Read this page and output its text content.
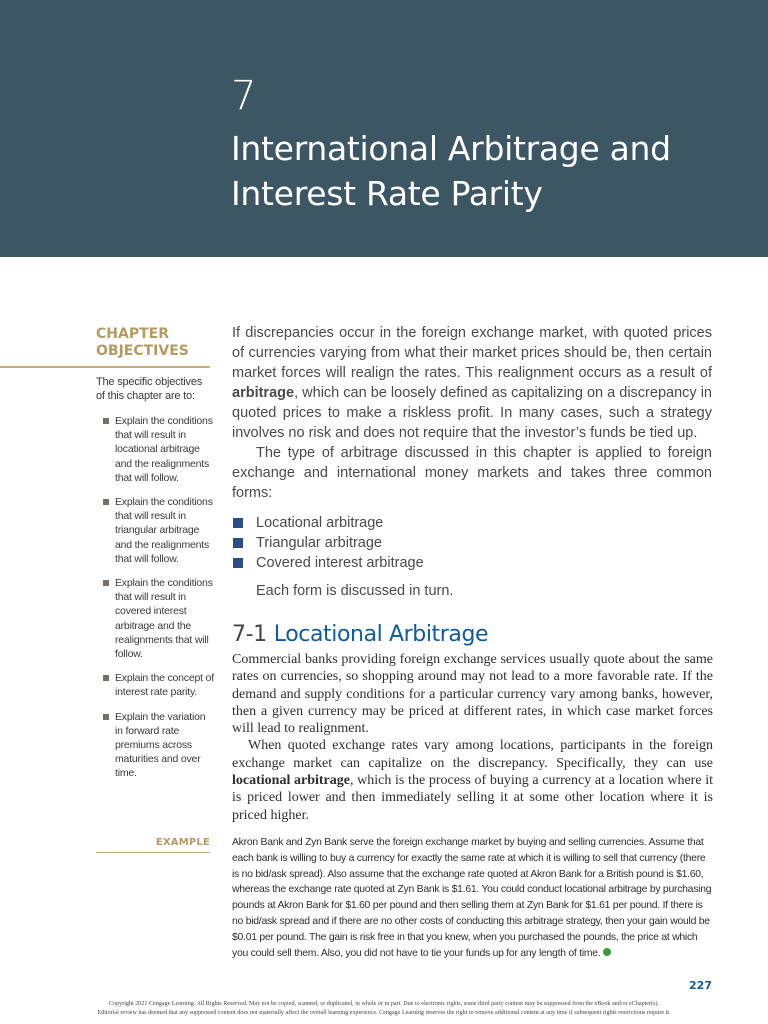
7
International Arbitrage and Interest Rate Parity

CHAPTER OBJECTIVES

The specific objectives of this chapter are to:
Explain the conditions that will result in locational arbitrage and the realignments that will follow.
Explain the conditions that will result in triangular arbitrage and the realignments that will follow.
Explain the conditions that will result in covered interest arbitrage and the realignments that will follow.
Explain the concept of interest rate parity.
Explain the variation in forward rate premiums across maturities and over time.

If discrepancies occur in the foreign exchange market, with quoted prices of currencies varying from what their market prices should be, then certain market forces will realign the rates. This realignment occurs as a result of arbitrage, which can be loosely defined as capitalizing on a discrepancy in quoted prices to make a riskless profit. In many cases, such a strategy involves no risk and does not require that the investor’s funds be tied up.

The type of arbitrage discussed in this chapter is applied to foreign exchange and international money markets and takes three common forms:

Locational arbitrage
Triangular arbitrage
Covered interest arbitrage
Each form is discussed in turn.
7-1 Locational Arbitrage

Commercial banks providing foreign exchange services usually quote about the same rates on currencies, so shopping around may not lead to a more favorable rate. If the demand and supply conditions for a particular currency vary among banks, however, then a given currency may be priced at different rates, in which case market forces will lead to realignment.

When quoted exchange rates vary among locations, participants in the foreign exchange market can capitalize on the discrepancy. Specifically, they can use locational arbitrage, which is the process of buying a currency at a location where it is priced lower and then immediately selling it at some other location where it is priced higher.

EXAMPLE Akron Bank and Zyn Bank serve the foreign exchange market by buying and selling currencies. Assume that each bank is willing to buy a currency for exactly the same rate at which it is willing to sell that currency (there is no bid/ask spread). Also assume that the exchange rate quoted at Akron Bank for a British pound is $1.60, whereas the exchange rate quoted at Zyn Bank is $1.61. You could conduct locational arbitrage by purchasing pounds at Akron Bank for $1.60 per pound and then selling them at Zyn Bank for $1.61 per pound. If there is no bid/ask spread and if there are no other costs of conducting this arbitrage strategy, then your gain would be $0.01 per pound. The gain is risk free in that you knew, when you purchased the pounds, the price at which you could sell them. Also, you did not have to tie your funds up for any length of time.
227
Copyright 2021 Cengage Learning. All Rights Reserved. May not be copied, scanned, or duplicated, in whole or in part. Due to electronic rights, some third party content may be suppressed from the eBook and/or eChapter(s).
Editorial review has deemed that any suppressed content does not materially affect the overall learning experience. Cengage Learning reserves the right to remove additional content at any time if subsequent rights restrictions require it.
